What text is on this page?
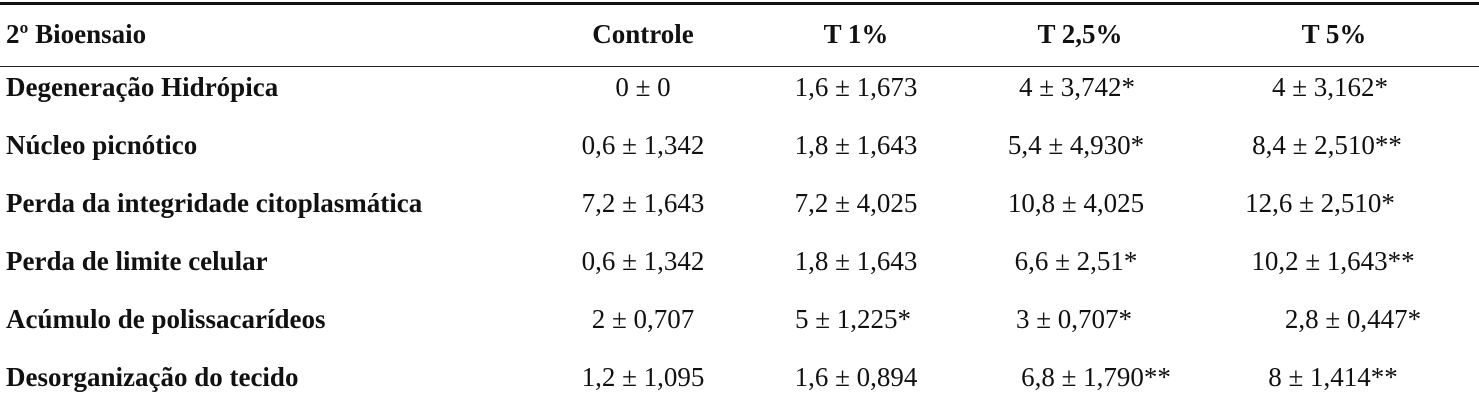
2º Bioensaio	Controle	T 1%	T 2,5%	T 5%
Degeneração Hidrópica	0 ± 0	1,6 ± 1,673	4 ± 3,742*	4 ± 3,162*
Núcleo picnótico	0,6 ± 1,342	1,8 ± 1,643	5,4 ± 4,930*	8,4 ± 2,510**
Perda da integridade citoplasmática	7,2 ± 1,643	7,2 ± 4,025	10,8 ± 4,025	12,6 ± 2,510*
Perda de limite celular	0,6 ± 1,342	1,8 ± 1,643	6,6 ± 2,51*	10,2 ± 1,643**
Acúmulo de polissacarídeos	2 ± 0,707	5 ± 1,225*	3 ± 0,707*	2,8 ± 0,447*
Desorganização do tecido	1,2 ± 1,095	1,6 ± 0,894	6,8 ± 1,790**	8 ± 1,414**
